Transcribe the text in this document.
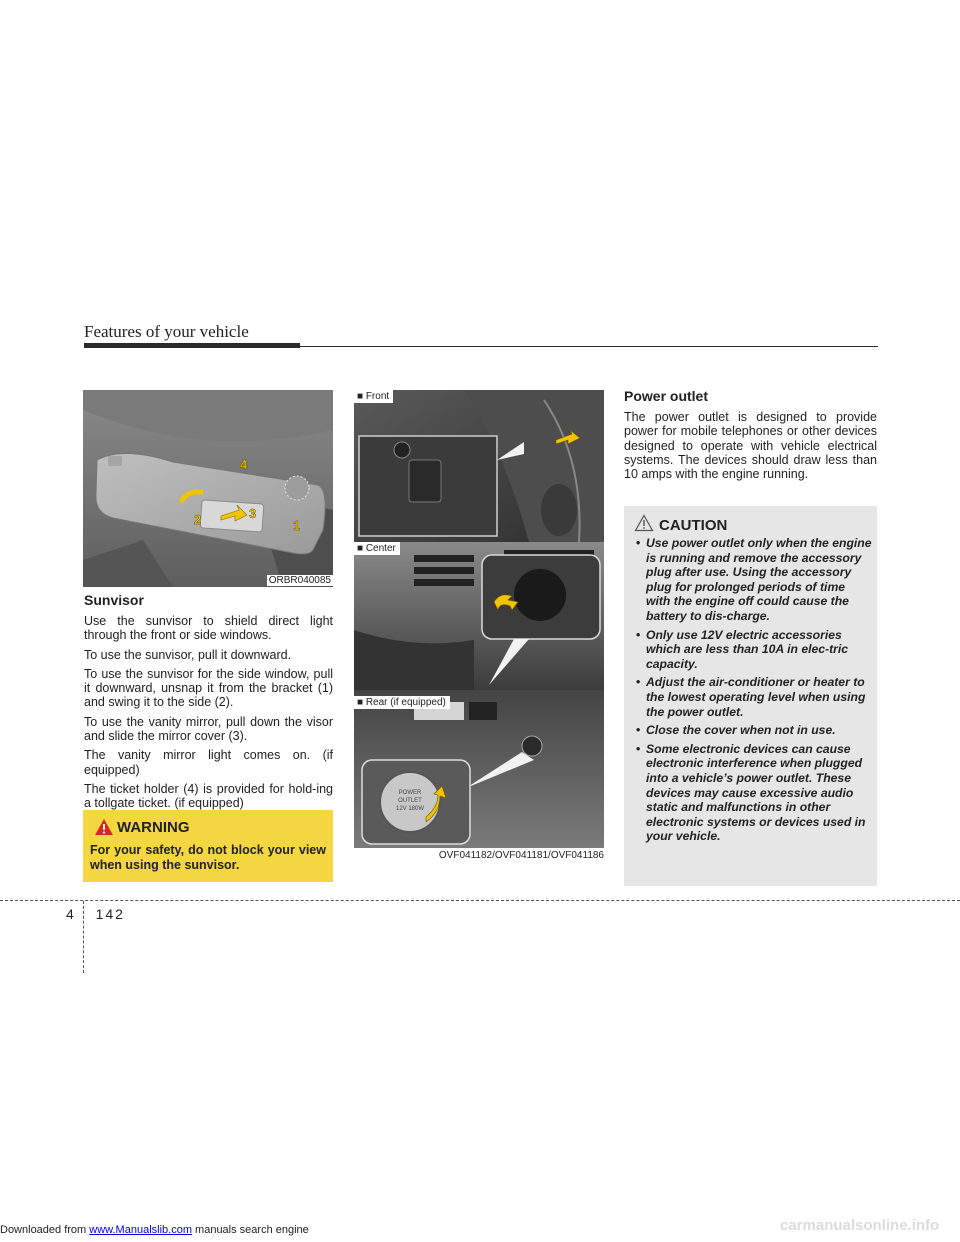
Features of your vehicle
1
2	3
4
ORBR040085
Sunvisor

Use the sunvisor to shield direct light through the front or side windows.

To use the sunvisor, pull it downward.

To use the sunvisor for the side window, pull it downward, unsnap it from the bracket (1) and swing it to the side (2).

To use the vanity mirror, pull down the visor and slide the mirror cover (3).

The vanity mirror light comes on. (if equipped)

The ticket holder (4) is provided for hold-ing a tollgate ticket. (if equipped)

WARNING
For your safety, do not block your view when using the sunvisor.
POWER
OUTLET
12V 180W
■ Front
■ Center
■ Rear (if equipped)
OVF041182/OVF041181/OVF041186
Power outlet
The power outlet is designed to provide power for mobile telephones or other devices designed to operate with vehicle electrical systems. The devices should draw less than 10 amps with the engine running.
CAUTION
• Use power outlet only when the engine is running and remove the accessory plug after use. Using the accessory plug for prolonged periods of time with the engine off could cause the battery to dis-charge.
• Only use 12V electric accessories which are less than 10A in elec-tric capacity.
• Adjust the air-conditioner or heater to the lowest operating level when using the power outlet.
• Close the cover when not in use.
• Some electronic devices can cause electronic interference when plugged into a vehicle’s power outlet. These devices may cause excessive audio static and malfunctions in other electronic systems or devices used in your vehicle.
4 142
Downloaded from www.Manualslib.com manuals search engine	carmanualsonline.info
